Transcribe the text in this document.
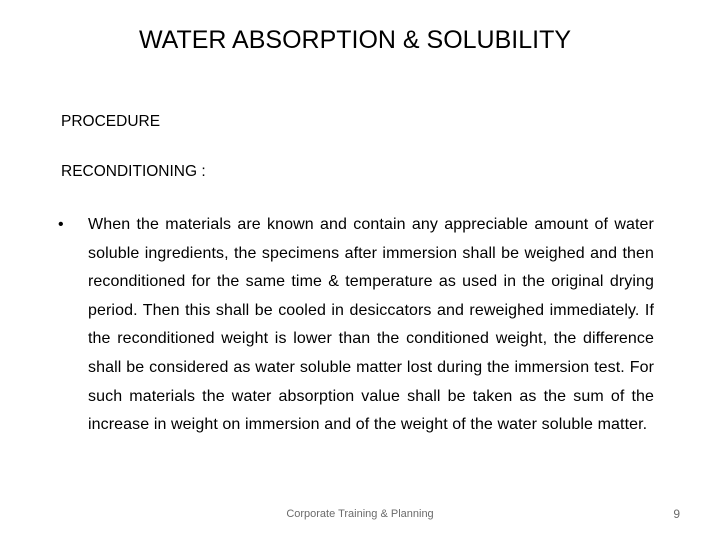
WATER ABSORPTION & SOLUBILITY
PROCEDURE
RECONDITIONING :
• When the materials are known and contain any appreciable amount of water soluble ingredients, the specimens after immersion shall be weighed and then reconditioned for the same time & temperature as used in the original drying period. Then this shall be cooled in desiccators and reweighed immediately. If the reconditioned weight is lower than the conditioned weight, the difference shall be considered as water soluble matter lost during the immersion test. For such materials the water absorption value shall be taken as the sum of the increase in weight on immersion and of the weight of the water soluble matter.
Corporate Training & Planning	9
